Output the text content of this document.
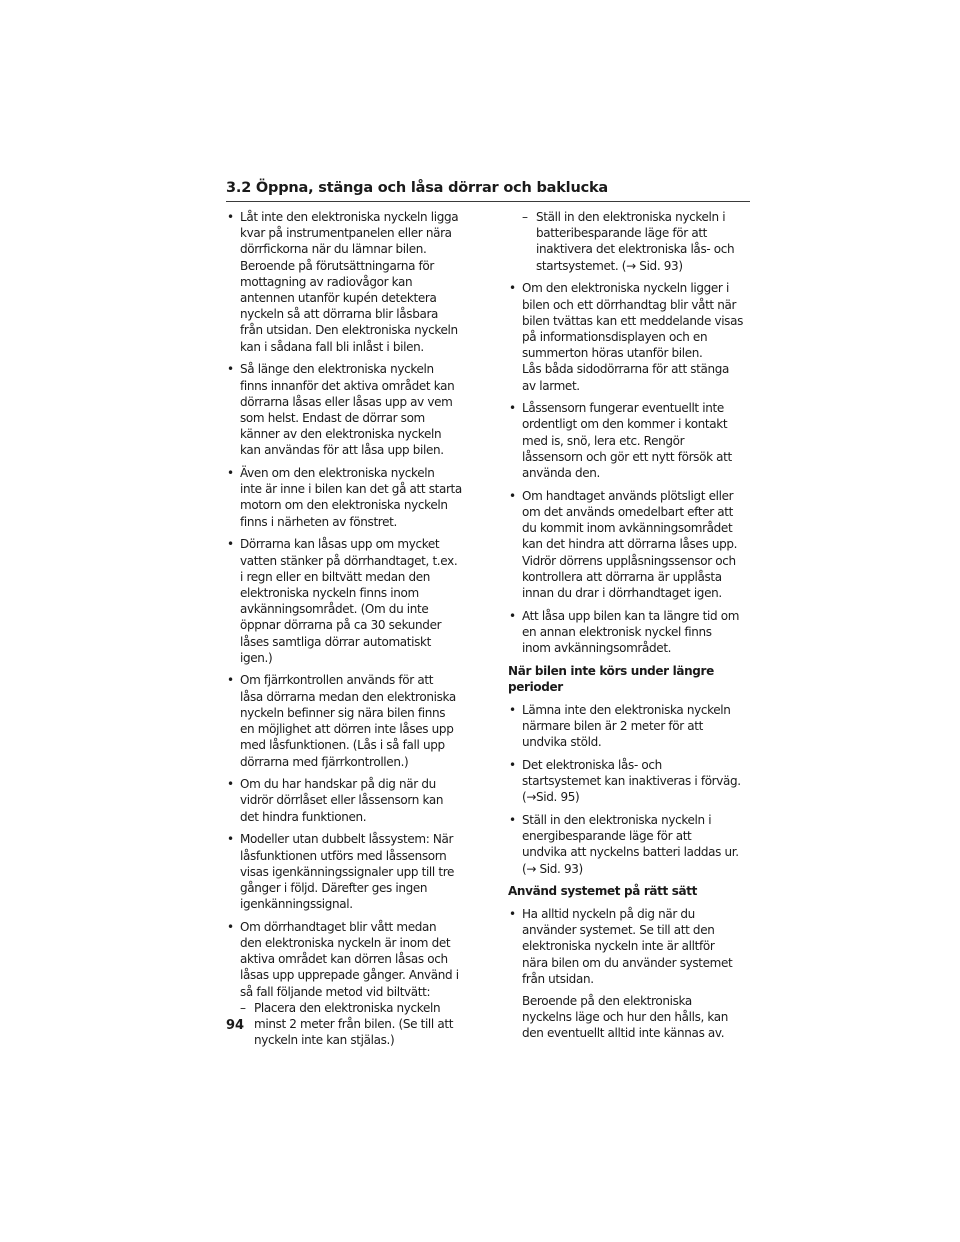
3.2 Öppna, stänga och låsa dörrar och baklucka
• Låt inte den elektroniska nyckeln ligga
kvar på instrumentpanelen eller nära
dörrfickorna när du lämnar bilen.
Beroende på förutsättningarna för
mottagning av radiovågor kan
antennen utanför kupén detektera
nyckeln så att dörrarna blir låsbara
från utsidan. Den elektroniska nyckeln
kan i sådana fall bli inlåst i bilen.
• Så länge den elektroniska nyckeln
finns innanför det aktiva området kan
dörrarna låsas eller låsas upp av vem
som helst. Endast de dörrar som
känner av den elektroniska nyckeln
kan användas för att låsa upp bilen.
• Även om den elektroniska nyckeln
inte är inne i bilen kan det gå att starta
motorn om den elektroniska nyckeln
finns i närheten av fönstret.
• Dörrarna kan låsas upp om mycket
vatten stänker på dörrhandtaget, t.ex.
i regn eller en biltvätt medan den
elektroniska nyckeln finns inom
avkänningsområdet. (Om du inte
öppnar dörrarna på ca 30 sekunder
låses samtliga dörrar automatiskt
igen.)
• Om fjärrkontrollen används för att
låsa dörrarna medan den elektroniska
nyckeln befinner sig nära bilen finns
en möjlighet att dörren inte låses upp
med låsfunktionen. (Lås i så fall upp
dörrarna med fjärrkontrollen.)
• Om du har handskar på dig när du
vidrör dörrlåset eller låssensorn kan
det hindra funktionen.
• Modeller utan dubbelt låssystem: När
låsfunktionen utförs med låssensorn
visas igenkänningssignaler upp till tre
gånger i följd. Därefter ges ingen
igenkänningssignal.
• Om dörrhandtaget blir vått medan
den elektroniska nyckeln är inom det
aktiva området kan dörren låsas och
låsas upp upprepade gånger. Använd i
så fall följande metod vid biltvätt:
– Placera den elektroniska nyckeln
minst 2 meter från bilen. (Se till att
nyckeln inte kan stjälas.)
– Ställ in den elektroniska nyckeln i
batteribesparande läge för att
inaktivera det elektroniska lås- och
startsystemet. (→ Sid. 93)
• Om den elektroniska nyckeln ligger i
bilen och ett dörrhandtag blir vått när
bilen tvättas kan ett meddelande visas
på informationsdisplayen och en
summerton höras utanför bilen.
Lås båda sidodörrarna för att stänga
av larmet.
• Låssensorn fungerar eventuellt inte
ordentligt om den kommer i kontakt
med is, snö, lera etc. Rengör
låssensorn och gör ett nytt försök att
använda den.
• Om handtaget används plötsligt eller
om det används omedelbart efter att
du kommit inom avkänningsområdet
kan det hindra att dörrarna låses upp.
Vidrör dörrens upplåsningssensor och
kontrollera att dörrarna är upplåsta
innan du drar i dörrhandtaget igen.
• Att låsa upp bilen kan ta längre tid om
en annan elektronisk nyckel finns
inom avkänningsområdet.
När bilen inte körs under längre
perioder
• Lämna inte den elektroniska nyckeln
närmare bilen är 2 meter för att
undvika stöld.
• Det elektroniska lås- och
startsystemet kan inaktiveras i förväg.
(→Sid. 95)
• Ställ in den elektroniska nyckeln i
energibesparande läge för att
undvika att nyckelns batteri laddas ur.
(→ Sid. 93)
Använd systemet på rätt sätt
• Ha alltid nyckeln på dig när du
använder systemet. Se till att den
elektroniska nyckeln inte är alltför
nära bilen om du använder systemet
från utsidan.
Beroende på den elektroniska
nyckelns läge och hur den hålls, kan
den eventuellt alltid inte kännas av.
94
